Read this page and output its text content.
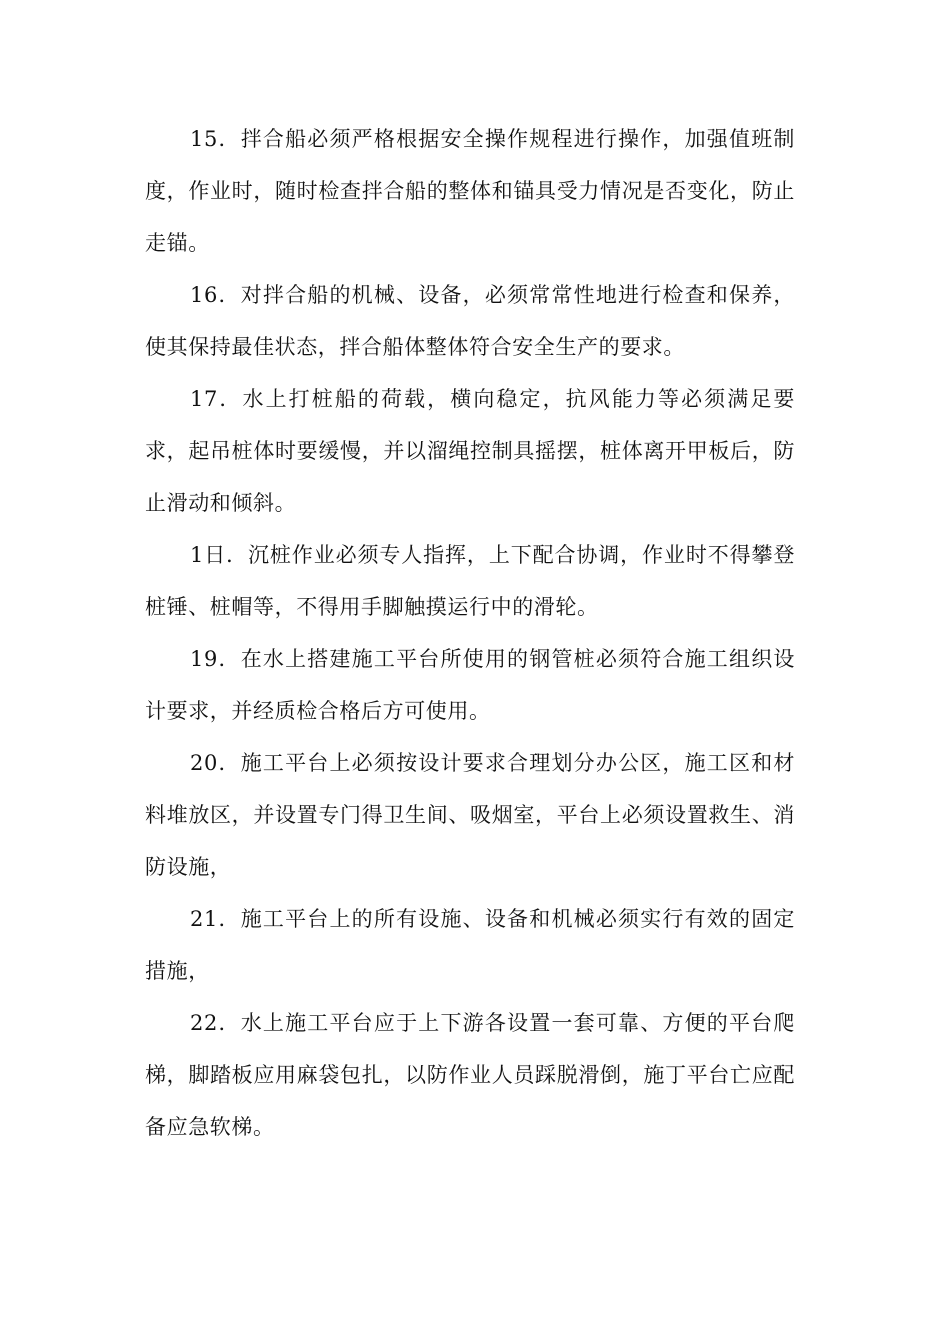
15．拌合船必须严格根据安全操作规程进行操作，加强值班制度，作业时，随时检查拌合船的整体和锚具受力情况是否变化，防止走锚。

16．对拌合船的机械、设备，必须常常性地进行检查和保养，使其保持最佳状态，拌合船体整体符合安全生产的要求。

17．水上打桩船的荷载，横向稳定，抗风能力等必须满足要求，起吊桩体时要缓慢，并以溜绳控制具摇摆，桩体离开甲板后，防止滑动和倾斜。

1日．沉桩作业必须专人指挥，上下配合协调，作业时不得攀登桩锤、桩帽等，不得用手脚触摸运行中的滑轮。

19．在水上搭建施工平台所使用的钢管桩必须符合施工组织设计要求，并经质检合格后方可使用。

20．施工平台上必须按设计要求合理划分办公区，施工区和材料堆放区，并设置专门得卫生间、吸烟室，平台上必须设置救生、消防设施，

21．施工平台上的所有设施、设备和机械必须实行有效的固定措施，

22．水上施工平台应于上下游各设置一套可靠、方便的平台爬梯，脚踏板应用麻袋包扎，以防作业人员踩脱滑倒，施丁平台亡应配备应急软梯。
